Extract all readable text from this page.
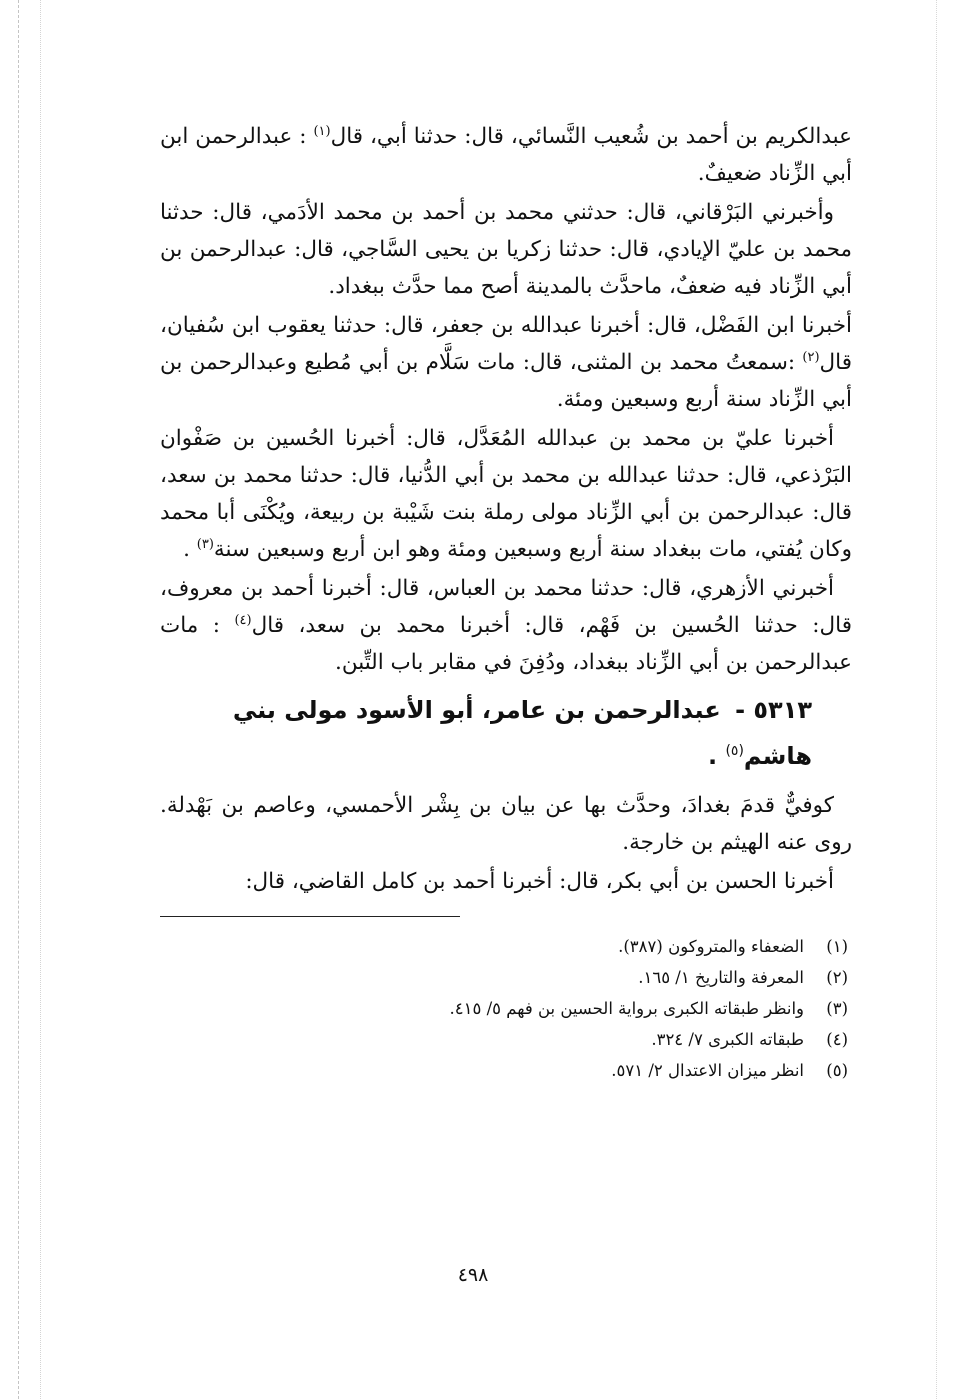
عبدالكريم بن أحمد بن شُعيب النَّسائي، قال: حدثنا أبي، قال$^{(١)}$ : عبدالرحمن ابن أبي الزِّناد ضعيفٌ.

وأخبرني البَرْقاني، قال: حدثني محمد بن أحمد بن محمد الأدَمي، قال: حدثنا محمد بن عليّ الإيادي، قال: حدثنا زكريا بن يحيى السَّاجي، قال: عبدالرحمن بن أبي الزِّناد فيه ضعفٌ، ماحدَّث بالمدينة أصح مما حدَّث ببغداد.

أخبرنا ابن الفَضْل، قال: أخبرنا عبدالله بن جعفر، قال: حدثنا يعقوب ابن سُفيان، قال$^{(٢)}$ :سمعتُ محمد بن المثنى، قال: مات سَلَّام بن أبي مُطيع وعبدالرحمن بن أبي الزِّناد سنة أربع وسبعين ومئة.

أخبرنا عليّ بن محمد بن عبدالله المُعَدَّل، قال: أخبرنا الحُسين بن صَفْوان البَرْذعي، قال: حدثنا عبدالله بن محمد بن أبي الدُّنيا، قال: حدثنا محمد بن سعد، قال: عبدالرحمن بن أبي الزِّناد مولى رملة بنت شَيْبة بن ربيعة، ويُكْنَى أبا محمد وكان يُفتي، مات ببغداد سنة أربع وسبعين ومئة وهو ابن أربع وسبعين سنة$^{(٣)}$ .

أخبرني الأزهري، قال: حدثنا محمد بن العباس، قال: أخبرنا أحمد بن معروف، قال: حدثنا الحُسين بن فَهْم، قال: أخبرنا محمد بن سعد، قال$^{(٤)}$ : مات عبدالرحمن بن أبي الزِّناد ببغداد، ودُفِنَ في مقابر باب التِّبن.

٥٣١٣ - عبدالرحمن بن عامر، أبو الأسود مولى بني هاشم$^{(٥)}$ .

كوفيٌّ قدمَ بغدادَ، وحدَّث بها عن بيان بن بِشْر الأحمسي، وعاصم بن بَهْدلة. روى عنه الهيثم بن خارجة.

أخبرنا الحسن بن أبي بكر، قال: أخبرنا أحمد بن كامل القاضي، قال:

(١)
الضعفاء والمتروكون (٣٨٧).
(٢)
المعرفة والتاريخ ١/ ١٦٥.
(٣)
وانظر طبقاته الكبرى برواية الحسين بن فهم ٥/ ٤١٥.
(٤)
طبقاته الكبرى ٧/ ٣٢٤.
(٥)
انظر ميزان الاعتدال ٢/ ٥٧١.
٤٩٨
